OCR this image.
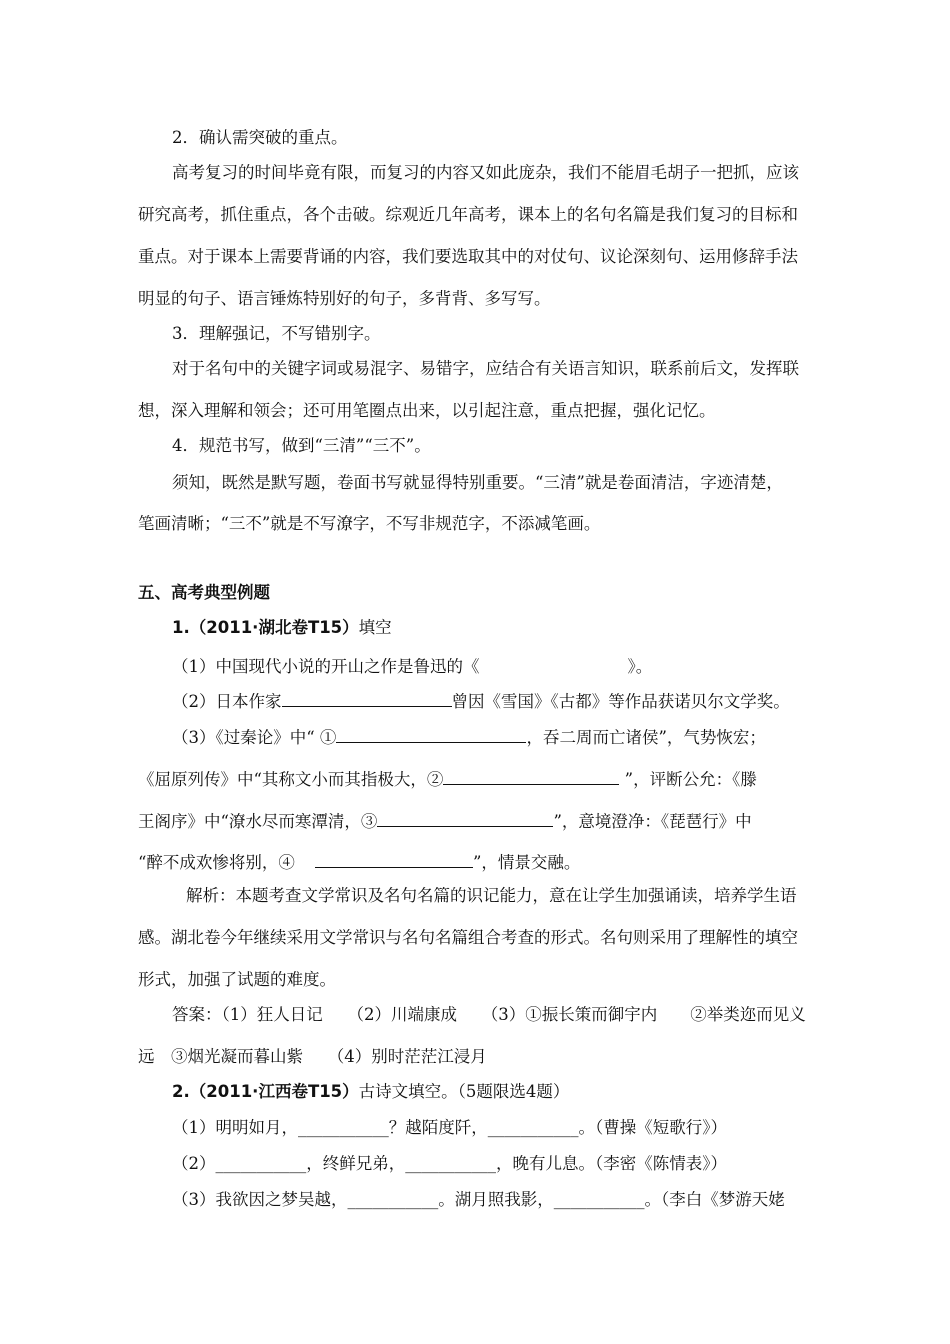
2．确认需突破的重点。
高考复习的时间毕竟有限，而复习的内容又如此庞杂，我们不能眉毛胡子一把抓，应该
研究高考，抓住重点，各个击破。综观近几年高考，课本上的名句名篇是我们复习的目标和
重点。对于课本上需要背诵的内容，我们要选取其中的对仗句、议论深刻句、运用修辞手法
明显的句子、语言锤炼特别好的句子，多背背、多写写。
3．理解强记，不写错别字。
对于名句中的关键字词或易混字、易错字，应结合有关语言知识，联系前后文，发挥联
想，深入理解和领会；还可用笔圈点出来，以引起注意，重点把握，强化记忆。
4．规范书写，做到“三清”“三不”。
须知，既然是默写题，卷面书写就显得特别重要。“三清”就是卷面清洁，字迹清楚，
笔画清晰；“三不”就是不写潦字，不写非规范字，不添减笔画。
五、高考典型例题
1.（2011·湖北卷T15）填空
（1）中国现代小说的开山之作是鲁迅的《	》。
（2）日本作家	曾因《雪国》《古都》等作品获诺贝尔文学奖。
（3）《过秦论》中“ ①	，吞二周而亡诸侯”，气势恢宏；
《屈原列传》中“其称文小而其指极大，②	”，评断公允：《滕
王阁序》中“潦水尽而寒潭清，③	”，意境澄净：《琵琶行》中
“醉不成欢惨将别，④	”，情景交融。
解析：本题考查文学常识及名句名篇的识记能力，意在让学生加强诵读，培养学生语
感。湖北卷今年继续采用文学常识与名句名篇组合考查的形式。名句则采用了理解性的填空
形式，加强了试题的难度。
答案：（1）狂人日记　　（2）川端康成　　（3）①振长策而御宇内　　②举类迩而见义
远　③烟光凝而暮山紫　　（4）别时茫茫江浸月
2.（2011·江西卷T15）古诗文填空。（5题限选4题）
（1）明明如月，___________？越陌度阡，___________。（曹操《短歌行》）
（2）___________，终鲜兄弟，___________，晚有儿息。（李密《陈情表》）
（3）我欲因之梦吴越，___________。湖月照我影，___________。（李白《梦游天姥
